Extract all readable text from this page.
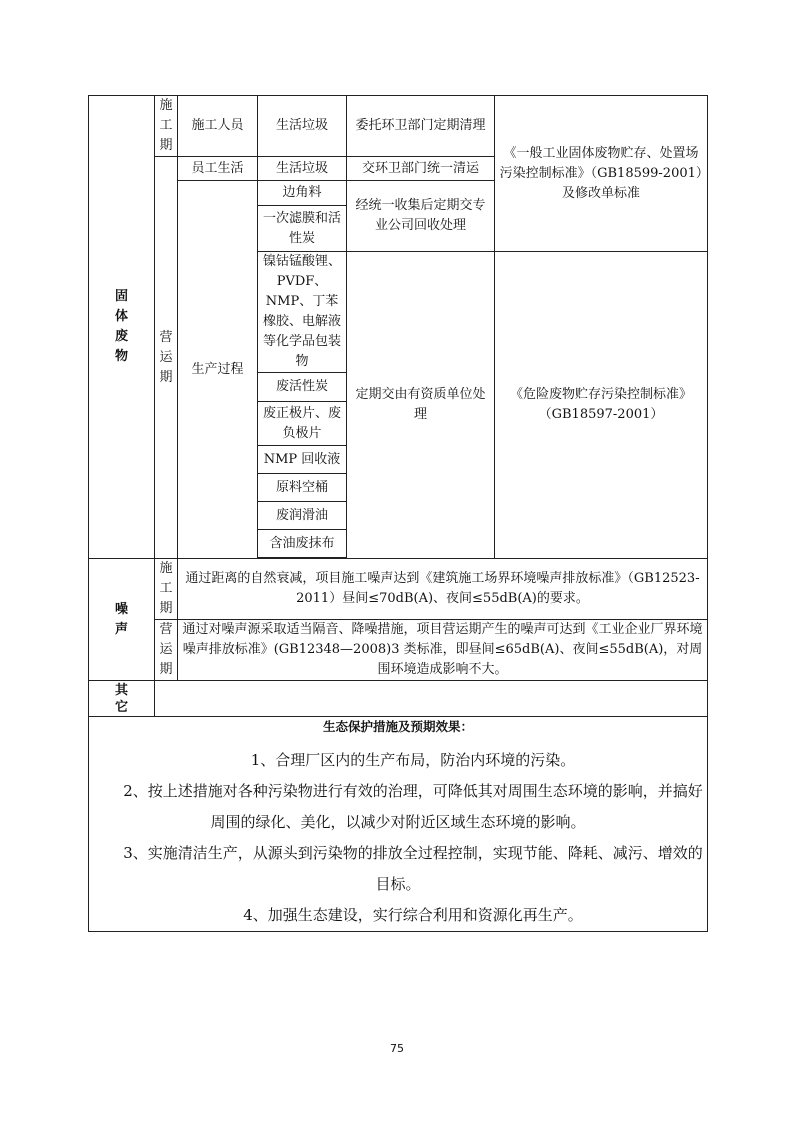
固
体
废
物	施
工
期	施工人员	生活垃圾	委托环卫部门定期清理	《一般工业固体废物贮存、处置场污染控制标准》（GB18599-2001）及修改单标准
	营
运
期	员工生活	生活垃圾	交环卫部门统一清运	
		生产过程	边角料	经统一收集后定期交专业公司回收处理	
			一次滤膜和活性炭		
			镍钴锰酸锂、PVDF、NMP、丁苯橡胶、电解液等化学品包装物	定期交由有资质单位处理	《危险废物贮存污染控制标准》（GB18597-2001）
			废活性炭		
			废正极片、废负极片		
			NMP 回收液		
			原料空桶		
			废润滑油		
			含油废抹布		

噪
声	施
工
期	通过距离的自然衰减，项目施工噪声达到《建筑施工场界环境噪声排放标准》（GB12523-2011）昼间≤70dB(A)、夜间≤55dB(A)的要求。			
	营
运
期	通过对噪声源采取适当隔音、降噪措施，项目营运期产生的噪声可达到《工业企业厂界环境噪声排放标准》(GB12348—2008)3 类标准，即昼间≤65dB(A)、夜间≤55dB(A)，对周围环境造成影响不大。			
其
它					

生态保护措施及预期效果：

1、合理厂区内的生产布局，防治内环境的污染。

2、按上述措施对各种污染物进行有效的治理，可降低其对周围生态环境的影响，并搞好周围的绿化、美化，以减少对附近区域生态环境的影响。

3、实施清洁生产，从源头到污染物的排放全过程控制，实现节能、降耗、减污、增效的目标。

4、加强生态建设，实行综合利用和资源化再生产。					

75
